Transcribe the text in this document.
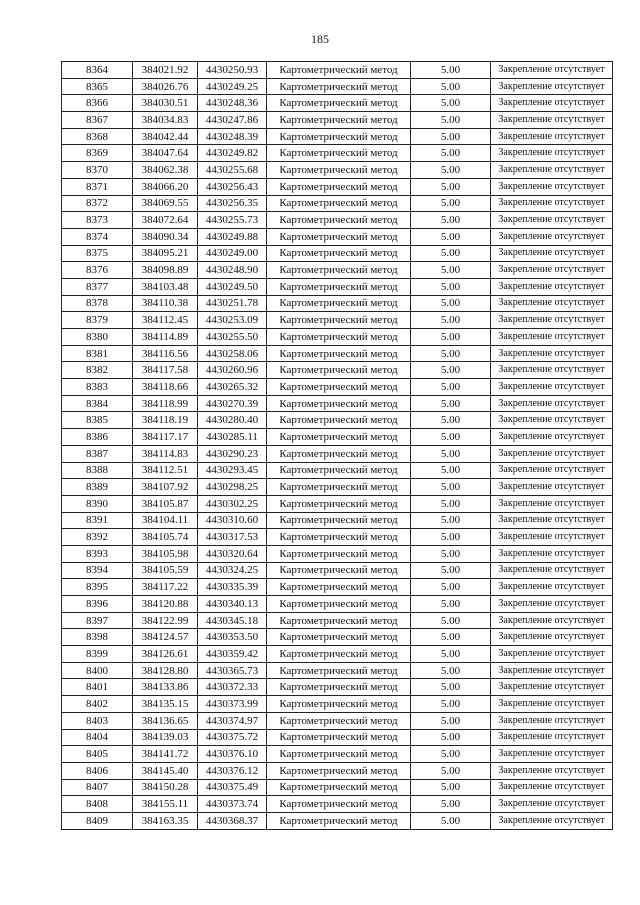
185
8364	384021.92	4430250.93	Картометрический метод	5.00	Закрепление отсутствует
8365	384026.76	4430249.25	Картометрический метод	5.00	Закрепление отсутствует
8366	384030.51	4430248.36	Картометрический метод	5.00	Закрепление отсутствует
8367	384034.83	4430247.86	Картометрический метод	5.00	Закрепление отсутствует
8368	384042.44	4430248.39	Картометрический метод	5.00	Закрепление отсутствует
8369	384047.64	4430249.82	Картометрический метод	5.00	Закрепление отсутствует
8370	384062.38	4430255.68	Картометрический метод	5.00	Закрепление отсутствует
8371	384066.20	4430256.43	Картометрический метод	5.00	Закрепление отсутствует
8372	384069.55	4430256.35	Картометрический метод	5.00	Закрепление отсутствует
8373	384072.64	4430255.73	Картометрический метод	5.00	Закрепление отсутствует
8374	384090.34	4430249.88	Картометрический метод	5.00	Закрепление отсутствует
8375	384095.21	4430249.00	Картометрический метод	5.00	Закрепление отсутствует
8376	384098.89	4430248.90	Картометрический метод	5.00	Закрепление отсутствует
8377	384103.48	4430249.50	Картометрический метод	5.00	Закрепление отсутствует
8378	384110.38	4430251.78	Картометрический метод	5.00	Закрепление отсутствует
8379	384112.45	4430253.09	Картометрический метод	5.00	Закрепление отсутствует
8380	384114.89	4430255.50	Картометрический метод	5.00	Закрепление отсутствует
8381	384116.56	4430258.06	Картометрический метод	5.00	Закрепление отсутствует
8382	384117.58	4430260.96	Картометрический метод	5.00	Закрепление отсутствует
8383	384118.66	4430265.32	Картометрический метод	5.00	Закрепление отсутствует
8384	384118.99	4430270.39	Картометрический метод	5.00	Закрепление отсутствует
8385	384118.19	4430280.40	Картометрический метод	5.00	Закрепление отсутствует
8386	384117.17	4430285.11	Картометрический метод	5.00	Закрепление отсутствует
8387	384114.83	4430290.23	Картометрический метод	5.00	Закрепление отсутствует
8388	384112.51	4430293.45	Картометрический метод	5.00	Закрепление отсутствует
8389	384107.92	4430298.25	Картометрический метод	5.00	Закрепление отсутствует
8390	384105.87	4430302.25	Картометрический метод	5.00	Закрепление отсутствует
8391	384104.11	4430310.60	Картометрический метод	5.00	Закрепление отсутствует
8392	384105.74	4430317.53	Картометрический метод	5.00	Закрепление отсутствует
8393	384105.98	4430320.64	Картометрический метод	5.00	Закрепление отсутствует
8394	384105.59	4430324.25	Картометрический метод	5.00	Закрепление отсутствует
8395	384117.22	4430335.39	Картометрический метод	5.00	Закрепление отсутствует
8396	384120.88	4430340.13	Картометрический метод	5.00	Закрепление отсутствует
8397	384122.99	4430345.18	Картометрический метод	5.00	Закрепление отсутствует
8398	384124.57	4430353.50	Картометрический метод	5.00	Закрепление отсутствует
8399	384126.61	4430359.42	Картометрический метод	5.00	Закрепление отсутствует
8400	384128.80	4430365.73	Картометрический метод	5.00	Закрепление отсутствует
8401	384133.86	4430372.33	Картометрический метод	5.00	Закрепление отсутствует
8402	384135.15	4430373.99	Картометрический метод	5.00	Закрепление отсутствует
8403	384136.65	4430374.97	Картометрический метод	5.00	Закрепление отсутствует
8404	384139.03	4430375.72	Картометрический метод	5.00	Закрепление отсутствует
8405	384141.72	4430376.10	Картометрический метод	5.00	Закрепление отсутствует
8406	384145.40	4430376.12	Картометрический метод	5.00	Закрепление отсутствует
8407	384150.28	4430375.49	Картометрический метод	5.00	Закрепление отсутствует
8408	384155.11	4430373.74	Картометрический метод	5.00	Закрепление отсутствует
8409	384163.35	4430368.37	Картометрический метод	5.00	Закрепление отсутствует
